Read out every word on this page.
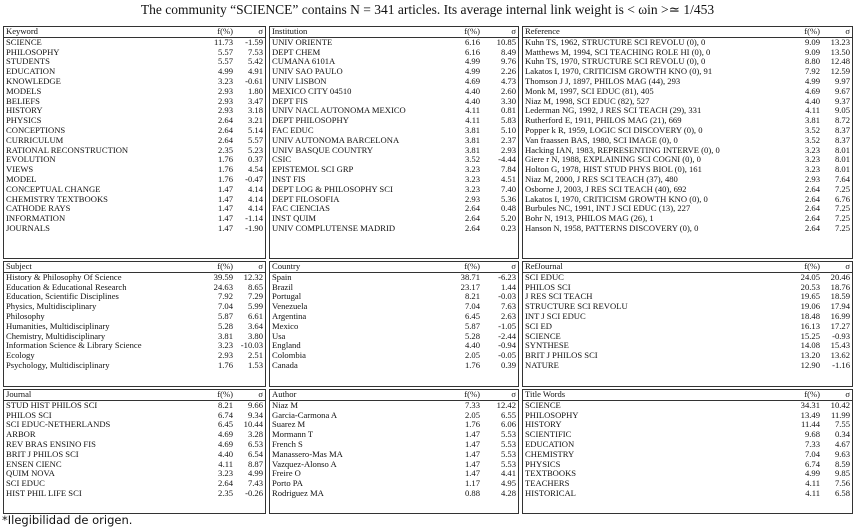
The community “SCIENCE” contains N = 341 articles. Its average internal link weight is < ωin >≃ 1/453
Keyword	f(%)	σ
SCIENCE	11.73	-1.59
PHILOSOPHY	5.57	7.53
STUDENTS	5.57	5.42
EDUCATION	4.99	4.91
KNOWLEDGE	3.23	-0.61
MODELS	2.93	1.80
BELIEFS	2.93	3.47
HISTORY	2.93	3.18
PHYSICS	2.64	3.21
CONCEPTIONS	2.64	5.14
CURRICULUM	2.64	5.57
RATIONAL RECONSTRUCTION	2.35	5.23
EVOLUTION	1.76	0.37
VIEWS	1.76	4.54
MODEL	1.76	-0.47
CONCEPTUAL CHANGE	1.47	4.14
CHEMISTRY TEXTBOOKS	1.47	4.14
CATHODE RAYS	1.47	4.14
INFORMATION	1.47	-1.14
JOURNALS	1.47	-1.90
Institution	f(%)	σ
UNIV ORIENTE	6.16	10.85
DEPT CHEM	6.16	8.49
CUMANA 6101A	4.99	9.76
UNIV SAO PAULO	4.99	2.26
UNIV LISBON	4.69	4.73
MEXICO CITY 04510	4.40	2.60
DEPT FIS	4.40	3.30
UNIV NACL AUTONOMA MEXICO	4.11	0.81
DEPT PHILOSOPHY	4.11	5.83
FAC EDUC	3.81	5.10
UNIV AUTONOMA BARCELONA	3.81	2.37
UNIV BASQUE COUNTRY	3.81	2.93
CSIC	3.52	-4.44
EPISTEMOL SCI GRP	3.23	7.84
INST FIS	3.23	4.51
DEPT LOG & PHILOSOPHY SCI	3.23	7.40
DEPT FILOSOFIA	2.93	5.36
FAC CIENCIAS	2.64	0.48
INST QUIM	2.64	5.20
UNIV COMPLUTENSE MADRID	2.64	0.23
Reference	f(%)	σ
Kuhn TS, 1962, STRUCTURE SCI REVOLU (0), 0	9.09	13.23
Matthews M, 1994, SCI TEACHING ROLE HI (0), 0	9.09	13.50
Kuhn TS, 1970, STRUCTURE SCI REVOLU (0), 0	8.80	12.48
Lakatos I, 1970, CRITICISM GROWTH KNO (0), 91	7.92	12.59
Thomson J J, 1897, PHILOS MAG (44), 293	4.99	9.97
Monk M, 1997, SCI EDUC (81), 405	4.69	9.67
Niaz M, 1998, SCI EDUC (82), 527	4.40	9.37
Lederman NG, 1992, J RES SCI TEACH (29), 331	4.11	9.05
Rutherford E, 1911, PHILOS MAG (21), 669	3.81	8.72
Popper k R, 1959, LOGIC SCI DISCOVERY (0), 0	3.52	8.37
Van fraassen BAS, 1980, SCI IMAGE (0), 0	3.52	8.37
Hacking IAN, 1983, REPRESENTING INTERVE (0), 0	3.23	8.01
Giere r N, 1988, EXPLAINING SCI COGNI (0), 0	3.23	8.01
Holton G, 1978, HIST STUD PHYS BIOL (0), 161	3.23	8.01
Niaz M, 2000, J RES SCI TEACH (37), 480	2.93	7.64
Osborne J, 2003, J RES SCI TEACH (40), 692	2.64	7.25
Lakatos I, 1970, CRITICISM GROWTH KNO (0), 0	2.64	6.76
Burbules NC, 1991, INT J SCI EDUC (13), 227	2.64	7.25
Bohr N, 1913, PHILOS MAG (26), 1	2.64	7.25
Hanson N, 1958, PATTERNS DISCOVERY (0), 0	2.64	7.25
Subject	f(%)	σ
History & Philosophy Of Science	39.59	12.32
Education & Educational Research	24.63	8.65
Education, Scientific Disciplines	7.92	7.29
Physics, Multidisciplinary	7.04	5.99
Philosophy	5.87	6.61
Humanities, Multidisciplinary	5.28	3.64
Chemistry, Multidisciplinary	3.81	3.80
Information Science & Library Science	3.23	-10.03
Ecology	2.93	2.51
Psychology, Multidisciplinary	1.76	1.53
Country	f(%)	σ
Spain	38.71	-6.23
Brazil	23.17	1.44
Portugal	8.21	-0.03
Venezuela	7.04	7.63
Argentina	6.45	2.63
Mexico	5.87	-1.05
Usa	5.28	-2.44
England	4.40	-0.94
Colombia	2.05	-0.05
Canada	1.76	0.39
RefJournal	f(%)	σ
SCI EDUC	24.05	20.46
PHILOS SCI	20.53	18.76
J RES SCI TEACH	19.65	18.59
STRUCTURE SCI REVOLU	19.06	17.94
INT J SCI EDUC	18.48	16.99
SCI ED	16.13	17.27
SCIENCE	15.25	-0.93
SYNTHESE	14.08	15.43
BRIT J PHILOS SCI	13.20	13.62
NATURE	12.90	-1.16
Journal	f(%)	σ
STUD HIST PHILOS SCI	8.21	9.66
PHILOS SCI	6.74	9.34
SCI EDUC-NETHERLANDS	6.45	10.44
ARBOR	4.69	3.28
REV BRAS ENSINO FIS	4.69	6.53
BRIT J PHILOS SCI	4.40	6.54
ENSEN CIENC	4.11	8.87
QUIM NOVA	3.23	4.99
SCI EDUC	2.64	7.43
HIST PHIL LIFE SCI	2.35	-0.26
Author	f(%)	σ
Niaz M	7.33	12.42
Garcia-Carmona A	2.05	6.55
Suarez M	1.76	6.06
Mormann T	1.47	5.53
French S	1.47	5.53
Manassero-Mas MA	1.47	5.53
Vazquez-Alonso A	1.47	5.53
Freire O	1.47	4.41
Porto PA	1.17	4.95
Rodriguez MA	0.88	4.28
Title Words	f(%)	σ
SCIENCE	34.31	10.42
PHILOSOPHY	13.49	11.99
HISTORY	11.44	7.55
SCIENTIFIC	9.68	0.34
EDUCATION	7.33	4.67
CHEMISTRY	7.04	9.63
PHYSICS	6.74	8.59
TEXTBOOKS	4.99	9.85
TEACHERS	4.11	7.56
HISTORICAL	4.11	6.58
*Ilegibilidad de origen.
